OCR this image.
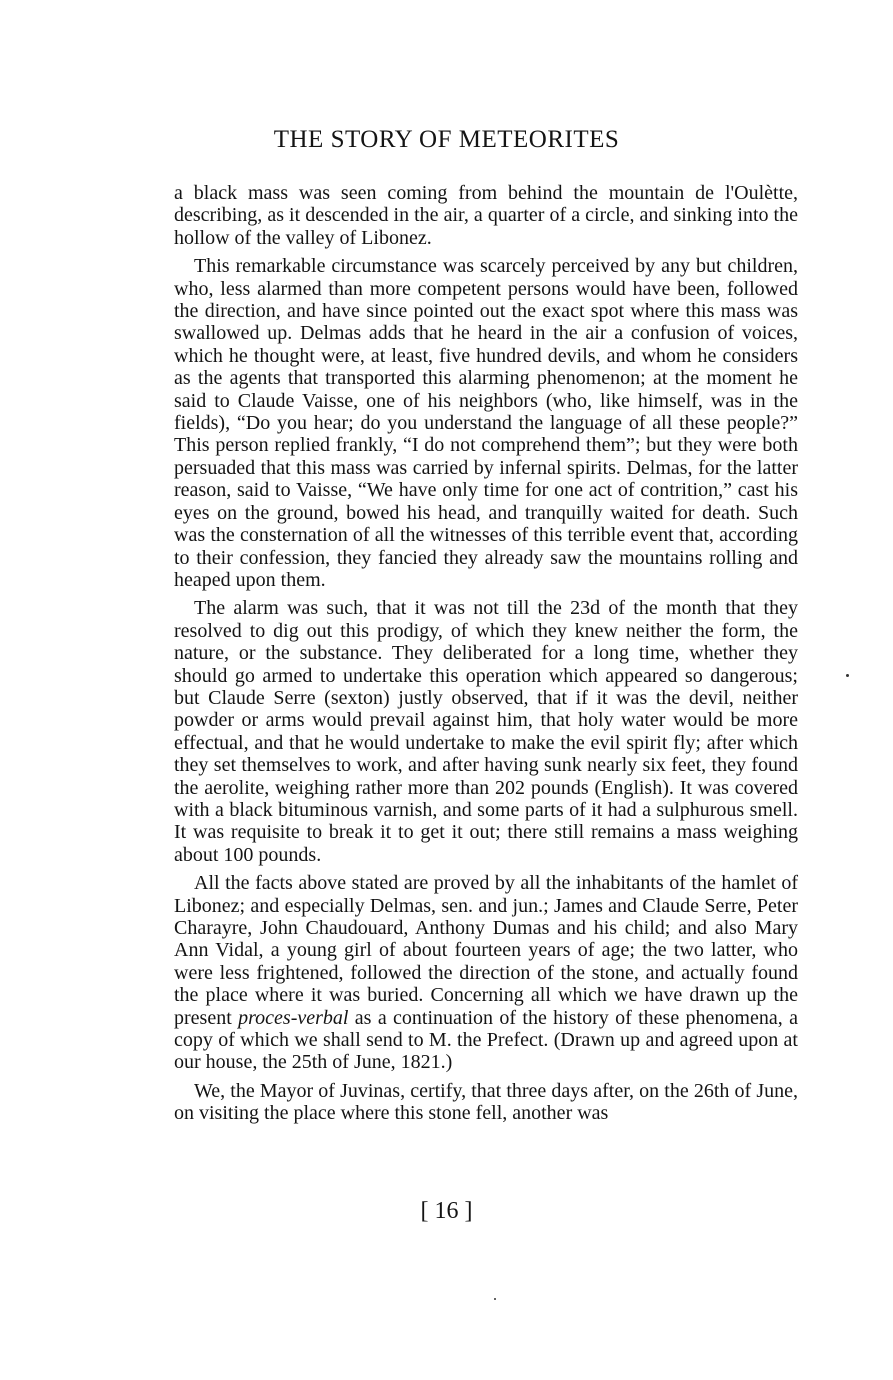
THE STORY OF METEORITES

a black mass was seen coming from behind the mountain de l'Oulètte, describing, as it descended in the air, a quarter of a circle, and sinking into the hollow of the valley of Libonez.

This remarkable circumstance was scarcely perceived by any but children, who, less alarmed than more competent persons would have been, followed the direction, and have since pointed out the exact spot where this mass was swallowed up. Delmas adds that he heard in the air a confusion of voices, which he thought were, at least, five hundred devils, and whom he considers as the agents that transported this alarming phenomenon; at the moment he said to Claude Vaisse, one of his neighbors (who, like himself, was in the fields), “Do you hear; do you understand the language of all these people?” This person replied frankly, “I do not comprehend them”; but they were both persuaded that this mass was carried by infernal spirits. Delmas, for the latter reason, said to Vaisse, “We have only time for one act of contrition,” cast his eyes on the ground, bowed his head, and tranquilly waited for death. Such was the consternation of all the witnesses of this terrible event that, according to their confession, they fancied they already saw the mountains rolling and heaped upon them.

The alarm was such, that it was not till the 23d of the month that they resolved to dig out this prodigy, of which they knew neither the form, the nature, or the substance. They deliberated for a long time, whether they should go armed to undertake this operation which appeared so dangerous; but Claude Serre (sexton) justly observed, that if it was the devil, neither powder or arms would prevail against him, that holy water would be more effectual, and that he would undertake to make the evil spirit fly; after which they set themselves to work, and after having sunk nearly six feet, they found the aerolite, weighing rather more than 202 pounds (English). It was covered with a black bituminous varnish, and some parts of it had a sulphurous smell. It was requisite to break it to get it out; there still remains a mass weighing about 100 pounds.

All the facts above stated are proved by all the inhabitants of the hamlet of Libonez; and especially Delmas, sen. and jun.; James and Claude Serre, Peter Charayre, John Chaudouard, Anthony Dumas and his child; and also Mary Ann Vidal, a young girl of about fourteen years of age; the two latter, who were less frightened, followed the direction of the stone, and actually found the place where it was buried. Concerning all which we have drawn up the present proces-verbal as a continuation of the history of these phenomena, a copy of which we shall send to M. the Prefect. (Drawn up and agreed upon at our house, the 25th of June, 1821.)

We, the Mayor of Juvinas, certify, that three days after, on the 26th of June, on visiting the place where this stone fell, another was

[ 16 ]
